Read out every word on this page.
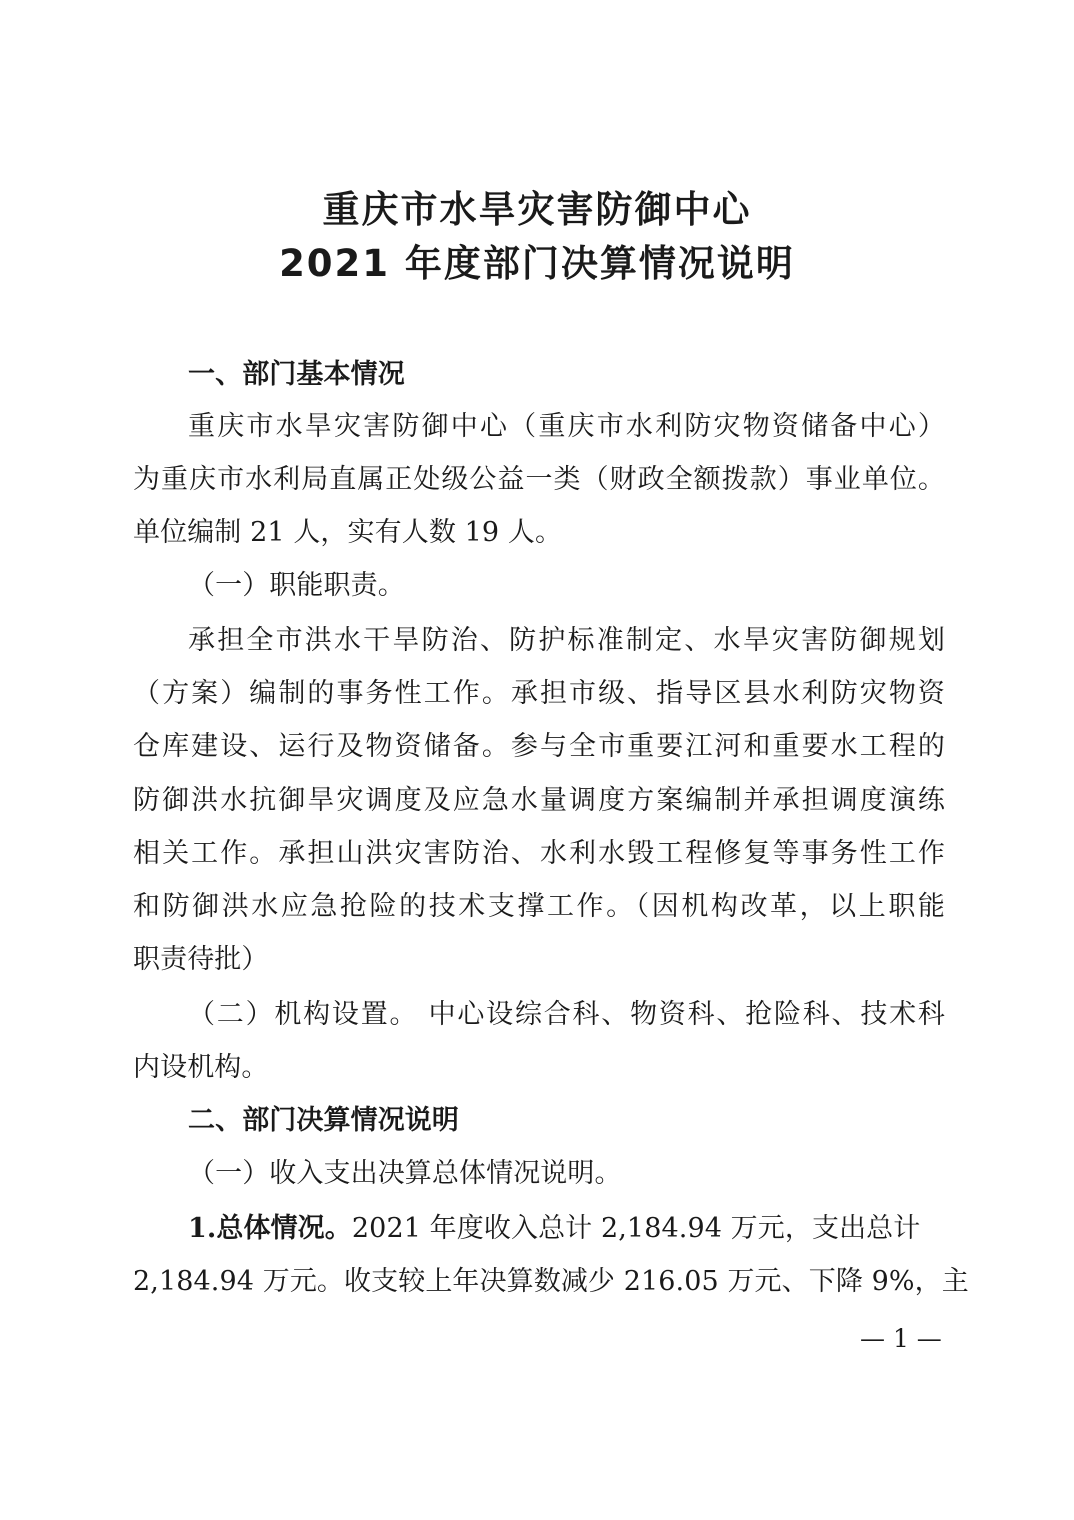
重庆市水旱灾害防御中心
2021 年度部门决算情况说明
一、部门基本情况
重庆市水旱灾害防御中心（重庆市水利防灾物资储备中心）
为重庆市水利局直属正处级公益一类（财政全额拨款）事业单位。
单位编制 21 人，实有人数 19 人。
（一）职能职责。
承担全市洪水干旱防治、防护标准制定、水旱灾害防御规划
（方案）编制的事务性工作。承担市级、指导区县水利防灾物资
仓库建设、运行及物资储备。参与全市重要江河和重要水工程的
防御洪水抗御旱灾调度及应急水量调度方案编制并承担调度演练
相关工作。承担山洪灾害防治、水利水毁工程修复等事务性工作
和防御洪水应急抢险的技术支撑工作。（因机构改革，以上职能
职责待批）
（二）机构设置。 中心设综合科、物资科、抢险科、技术科
内设机构。
二、部门决算情况说明
（一）收入支出决算总体情况说明。
1.总体情况。2021 年度收入总计 2,184.94 万元，支出总计
2,184.94 万元。收支较上年决算数减少 216.05 万元、下降 9%，主
— 1 —
